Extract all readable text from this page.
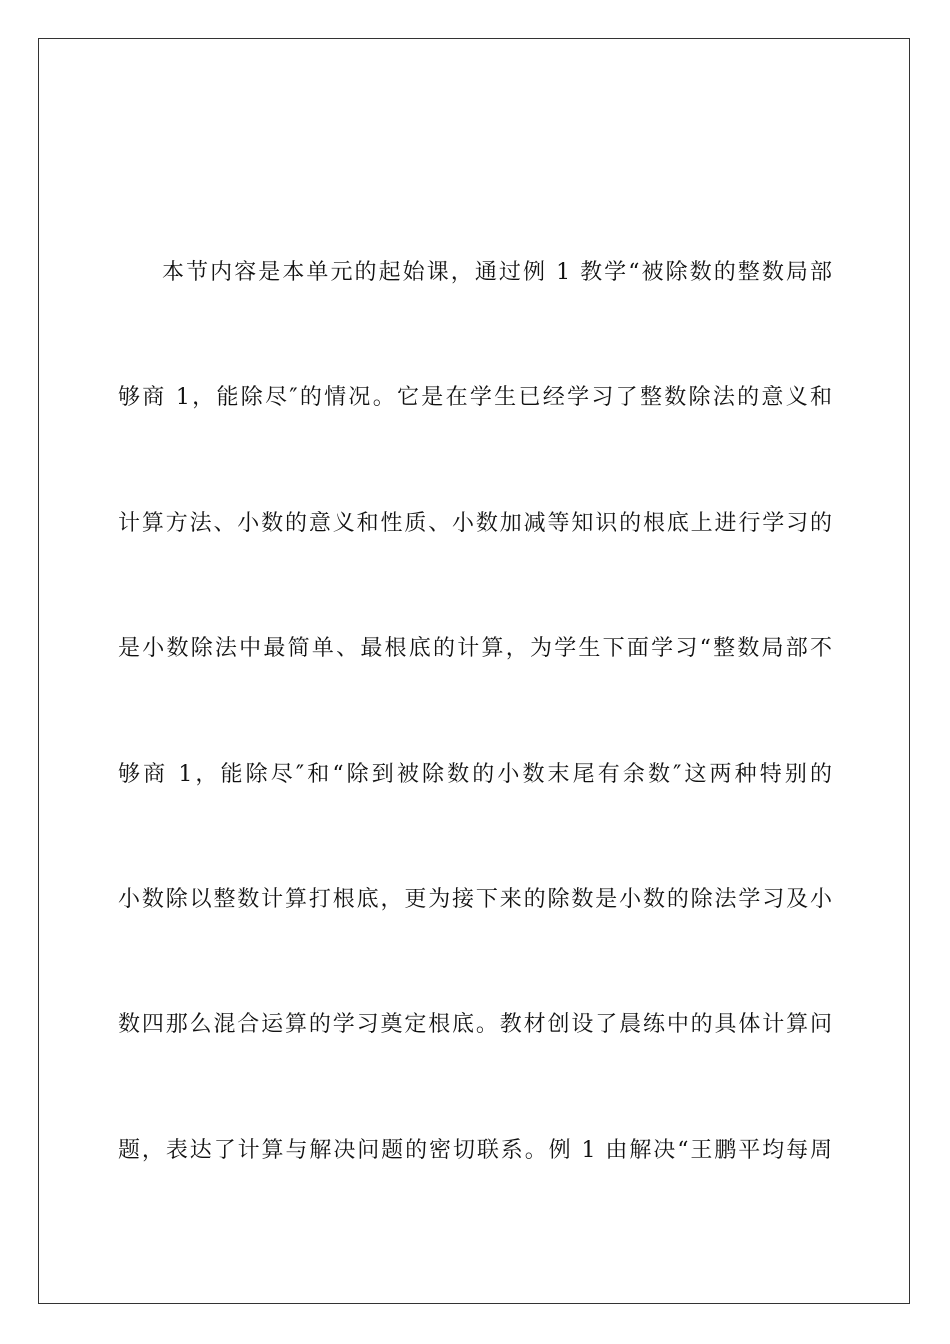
本节内容是本单元的起始课，通过例 1 教学“被除数的整数局部
够商 1，能除尽″的情况。它是在学生已经学习了整数除法的意义和
计算方法、小数的意义和性质、小数加减等知识的根底上进行学习的
是小数除法中最简单、最根底的计算，为学生下面学习“整数局部不
够商 1，能除尽″和“除到被除数的小数末尾有余数″这两种特别的
小数除以整数计算打根底，更为接下来的除数是小数的除法学习及小
数四那么混合运算的学习奠定根底。教材创设了晨练中的具体计算问
题，表达了计算与解决问题的密切联系。例 1 由解决“王鹏平均每周
